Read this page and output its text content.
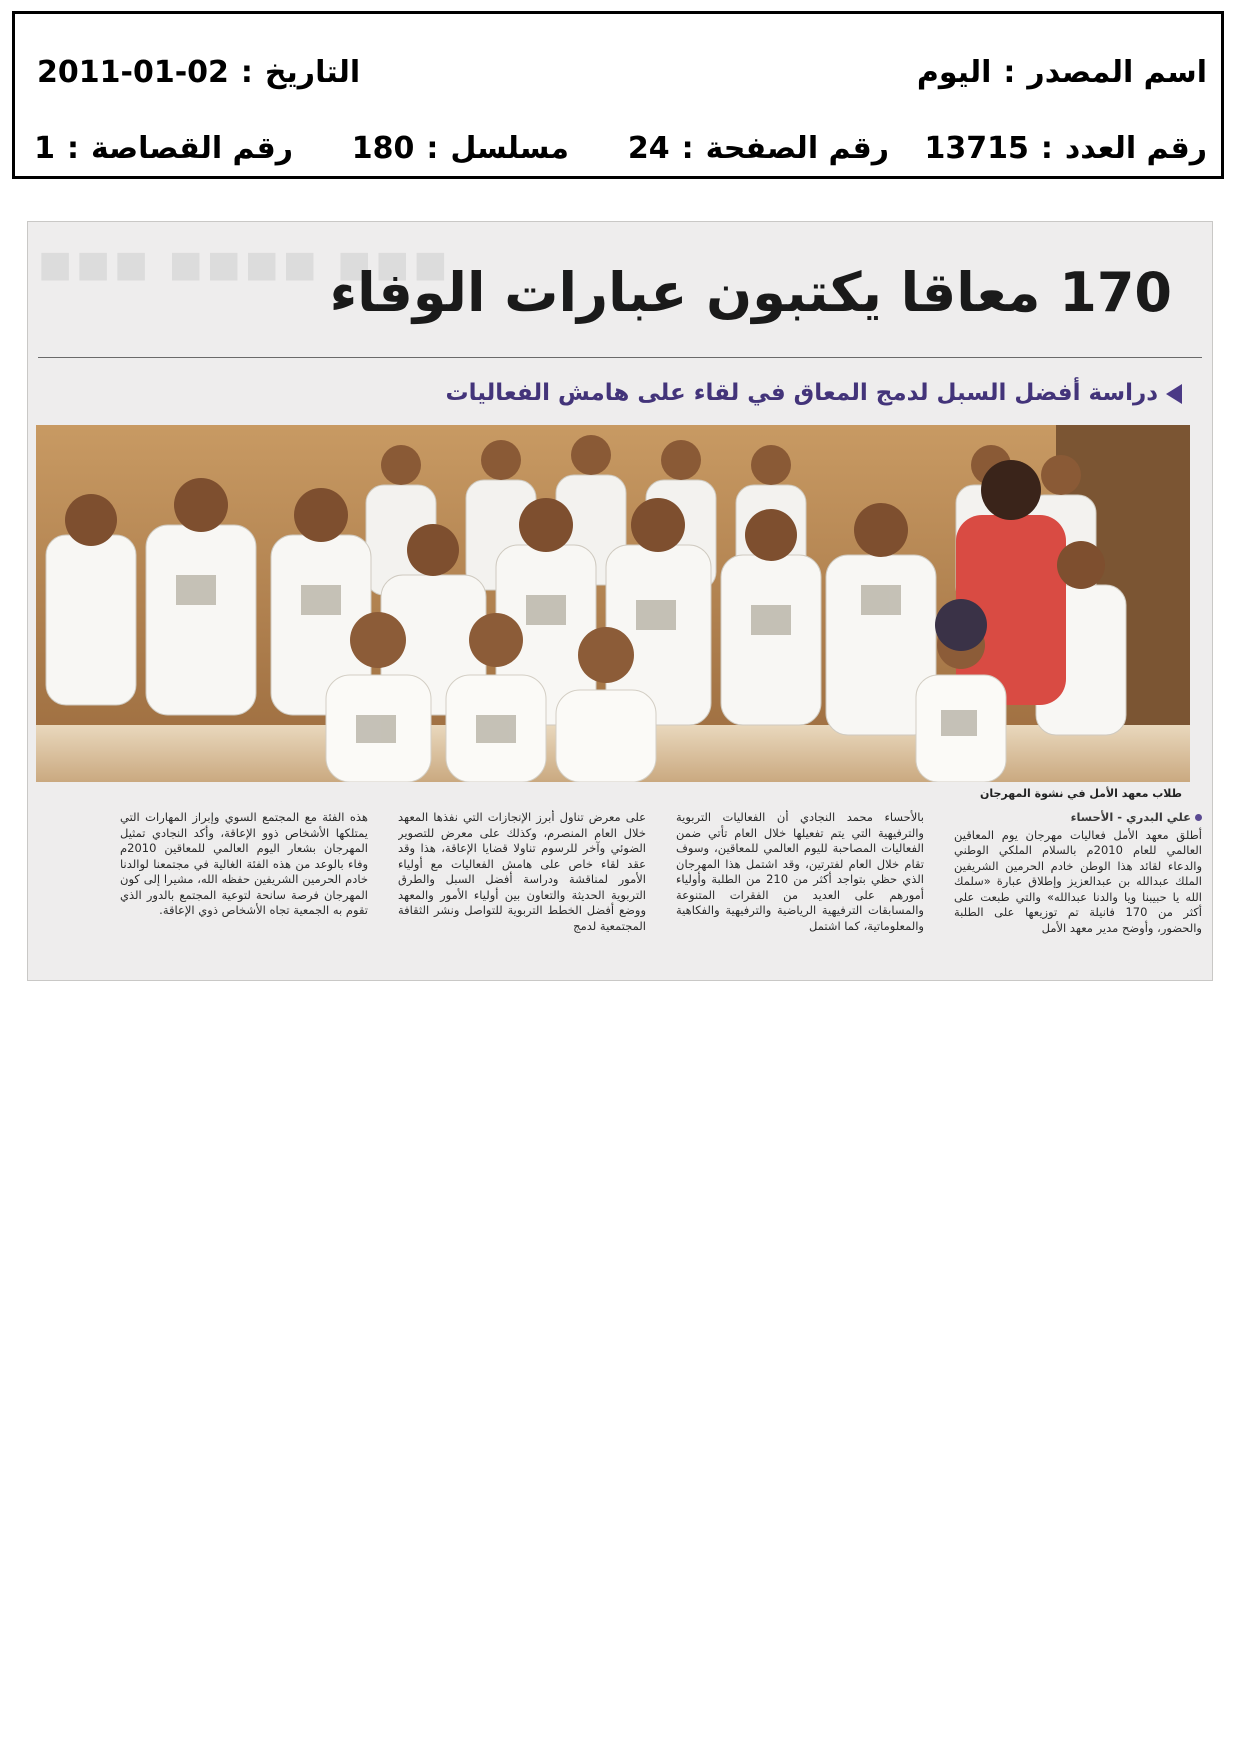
اسم المصدر:اليوم
التاريخ:2011-01-02
رقم العدد:13715
رقم الصفحة:24
مسلسل:180
رقم القصاصة:1
■■■ ■■■■ ■■■
170 معاقا يكتبون عبارات الوفاء
دراسة أفضل السبل لدمج المعاق في لقاء على هامش الفعاليات
طلاب معهد الأمل في نشوة المهرجان
علي البدري - الأحساء
أطلق معهد الأمل فعاليات مهرجان يوم المعاقين العالمي للعام 2010م بالسلام الملكي الوطني والدعاء لقائد هذا الوطن خادم الحرمين الشريفين الملك عبدالله بن عبدالعزيز وإطلاق عبارة «سلمك الله يا حبيبنا ويا والدنا عبدالله» والتي طبعت على أكثر من 170 فانيلة تم توزيعها على الطلبة والحضور، وأوضح مدير معهد الأمل
بالأحساء محمد النجادي أن الفعاليات التربوية والترفيهية التي يتم تفعيلها خلال العام تأتي ضمن الفعاليات المصاحبة لليوم العالمي للمعاقين، وسوف تقام خلال العام لفترتين، وقد اشتمل هذا المهرجان الذي حظي بتواجد أكثر من 210 من الطلبة وأولياء أمورهم على العديد من الفقرات المتنوعة والمسابقات الترفيهية الرياضية والترفيهية والفكاهية والمعلوماتية، كما اشتمل
على معرض تناول أبرز الإنجازات التي نفذها المعهد خلال العام المنصرم، وكذلك على معرض للتصوير الضوئي وآخر للرسوم تناولا قضايا الإعاقة، هذا وقد عقد لقاء خاص على هامش الفعاليات مع أولياء الأمور لمناقشة ودراسة أفضل السبل والطرق التربوية الحديثة والتعاون بين أولياء الأمور والمعهد ووضع أفضل الخطط التربوية للتواصل ونشر الثقافة المجتمعية لدمج
هذه الفئة مع المجتمع السوي وإبراز المهارات التي يمتلكها الأشخاص ذوو الإعاقة، وأكد النجادي تمثيل المهرجان بشعار اليوم العالمي للمعاقين 2010م وفاء بالوعد من هذه الفئة الغالية في مجتمعنا لوالدنا خادم الحرمين الشريفين حفظه الله، مشيرا إلى كون المهرجان فرصة سانحة لتوعية المجتمع بالدور الذي تقوم به الجمعية تجاه الأشخاص ذوي الإعاقة.
